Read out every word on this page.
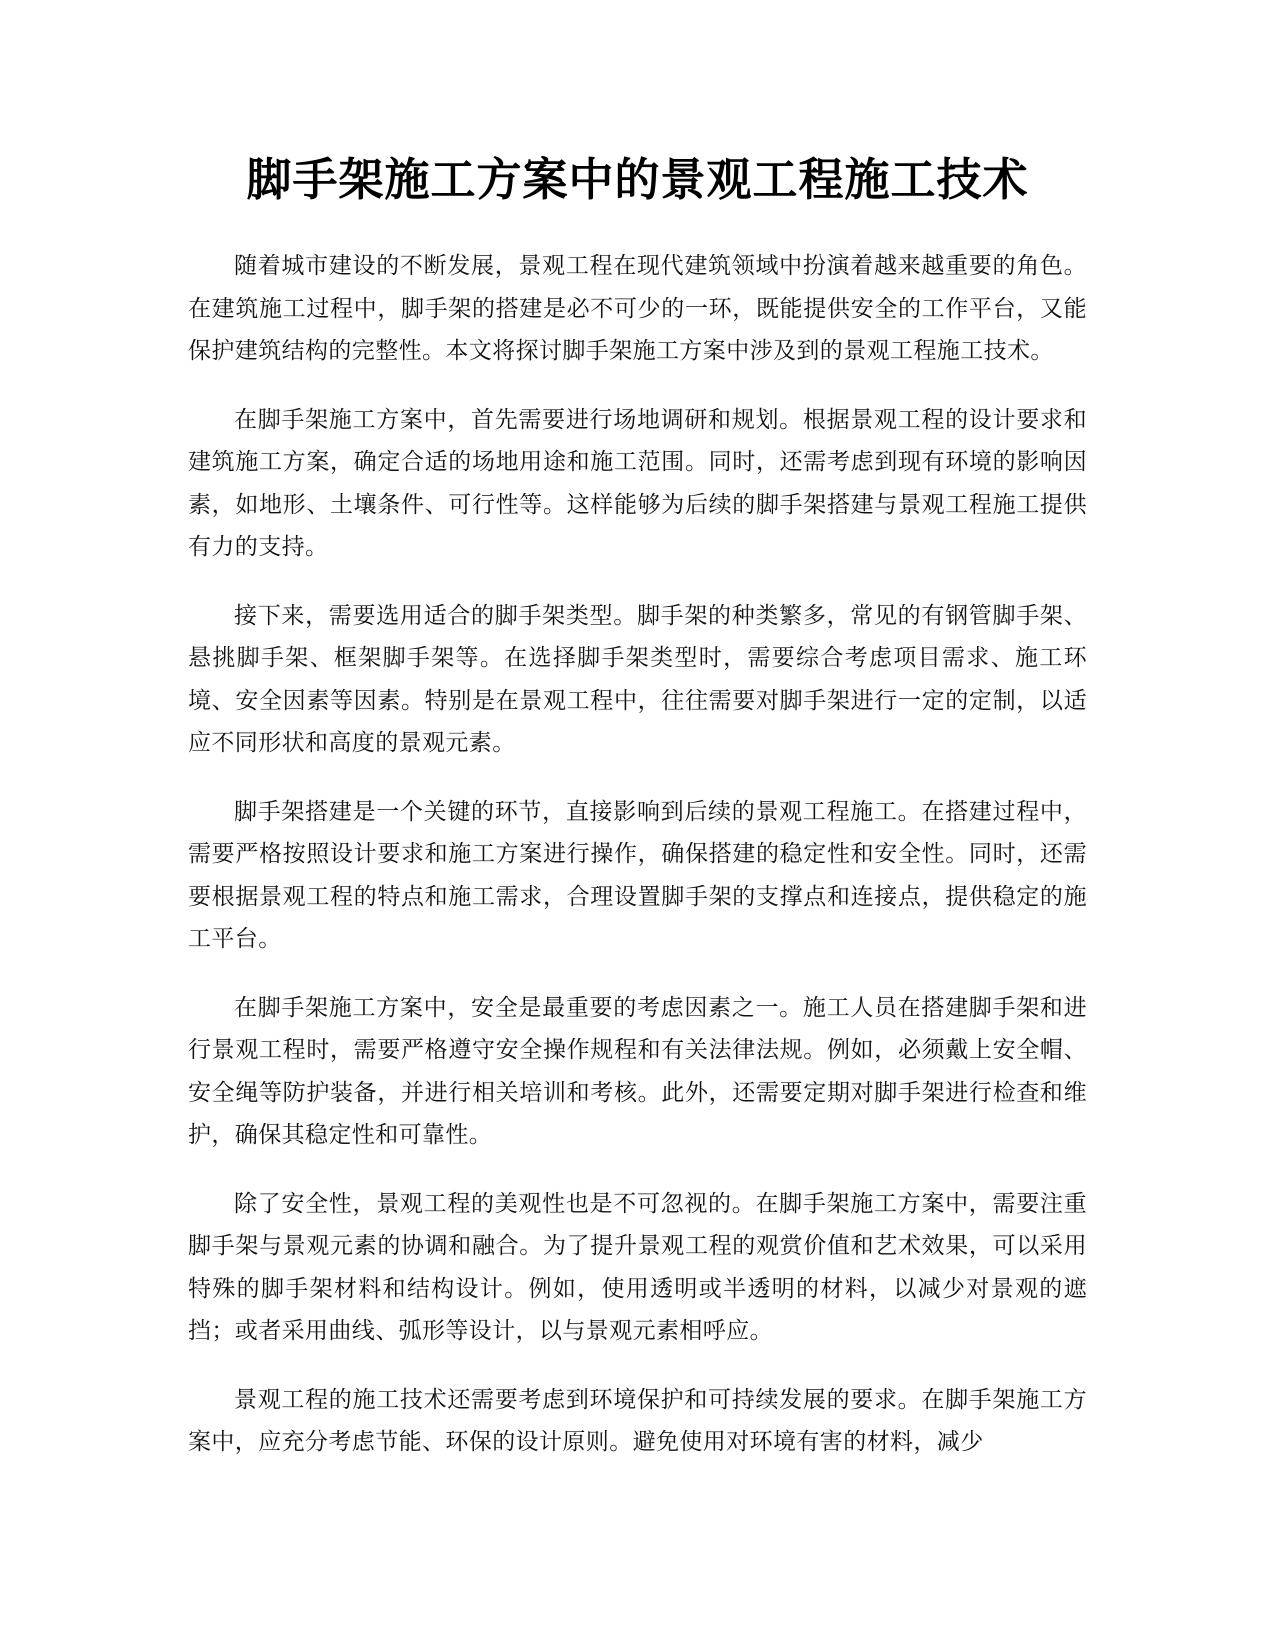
脚手架施工方案中的景观工程施工技术

随着城市建设的不断发展，景观工程在现代建筑领域中扮演着越来越重要的角色。在建筑施工过程中，脚手架的搭建是必不可少的一环，既能提供安全的工作平台，又能保护建筑结构的完整性。本文将探讨脚手架施工方案中涉及到的景观工程施工技术。

在脚手架施工方案中，首先需要进行场地调研和规划。根据景观工程的设计要求和建筑施工方案，确定合适的场地用途和施工范围。同时，还需考虑到现有环境的影响因素，如地形、土壤条件、可行性等。这样能够为后续的脚手架搭建与景观工程施工提供有力的支持。

接下来，需要选用适合的脚手架类型。脚手架的种类繁多，常见的有钢管脚手架、悬挑脚手架、框架脚手架等。在选择脚手架类型时，需要综合考虑项目需求、施工环境、安全因素等因素。特别是在景观工程中，往往需要对脚手架进行一定的定制，以适应不同形状和高度的景观元素。

脚手架搭建是一个关键的环节，直接影响到后续的景观工程施工。在搭建过程中，需要严格按照设计要求和施工方案进行操作，确保搭建的稳定性和安全性。同时，还需要根据景观工程的特点和施工需求，合理设置脚手架的支撑点和连接点，提供稳定的施工平台。

在脚手架施工方案中，安全是最重要的考虑因素之一。施工人员在搭建脚手架和进行景观工程时，需要严格遵守安全操作规程和有关法律法规。例如，必须戴上安全帽、安全绳等防护装备，并进行相关培训和考核。此外，还需要定期对脚手架进行检查和维护，确保其稳定性和可靠性。

除了安全性，景观工程的美观性也是不可忽视的。在脚手架施工方案中，需要注重脚手架与景观元素的协调和融合。为了提升景观工程的观赏价值和艺术效果，可以采用特殊的脚手架材料和结构设计。例如，使用透明或半透明的材料，以减少对景观的遮挡；或者采用曲线、弧形等设计，以与景观元素相呼应。

景观工程的施工技术还需要考虑到环境保护和可持续发展的要求。在脚手架施工方案中，应充分考虑节能、环保的设计原则。避免使用对环境有害的材料，减少
